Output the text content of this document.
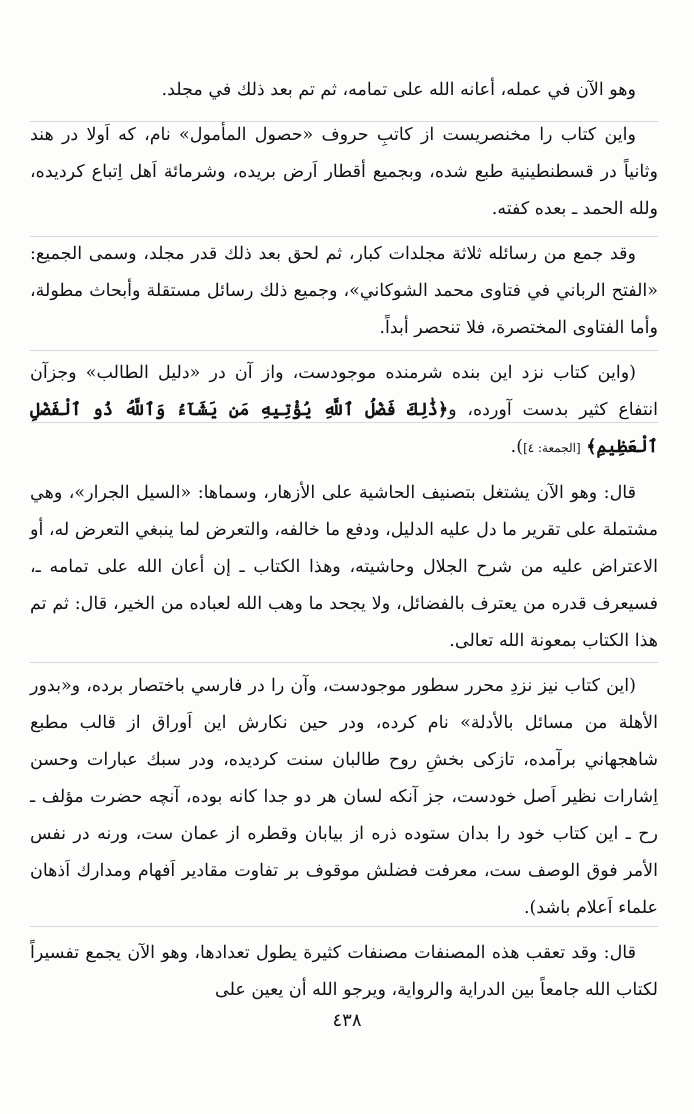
وهو الآن في عمله، أعانه الله على تمامه، ثم تم بعد ذلك في مجلد.

واين كتاب را مخنصريست از كاتبِ حروف «حصول المأمول» نام، كه اَولا در هند وثانياً در قسطنطينية طبع شده، وبجميع أقطار اَرض بريده، وشرمائة اَهل اِتباع كرديده، ولله الحمد ـ بعده كفته.

وقد جمع من رسائله ثلاثة مجلدات كبار، ثم لحق بعد ذلك قدر مجلد، وسمى الجميع: «الفتح الرباني في فتاوى محمد الشوكاني»، وجميع ذلك رسائل مستقلة وأبحاث مطولة، وأما الفتاوى المختصرة، فلا تنحصر أبداً.

(واين كتاب نزد اين بنده شرمنده موجودست، واز آن در «دليل الطالب» وجزآن انتفاع كثير بدست آورده، و﴿ذَٰلِكَ فَضْلُ ٱللَّهِ يُؤْتِيهِ مَن يَشَآءُ وَٱللَّهُ ذُو ٱلْفَضْلِ ٱلْعَظِيمِ﴾ [الجمعة: ٤]).

قال: وهو الآن يشتغل بتصنيف الحاشية على الأزهار، وسماها: «السيل الجرار»، وهي مشتملة على تقرير ما دل عليه الدليل، ودفع ما خالفه، والتعرض لما ينبغي التعرض له، أو الاعتراض عليه من شرح الجلال وحاشيته، وهذا الكتاب ـ إن أعان الله على تمامه ـ، فسيعرف قدره من يعترف بالفضائل، ولا يجحد ما وهب الله لعباده من الخير، قال: ثم تم هذا الكتاب بمعونة الله تعالى.

(اين كتاب نيز نزدِ محرر سطور موجودست، وآن را در فارسي باختصار برده، و«بدور الأهلة من مسائل بالأدلة» نام كرده، ودر حين نكارش اين اَوراق از قالب مطبع شاهجهاني برآمده، تازكى بخشِ روح طالبان سنت كرديده، ودر سبك عبارات وحسن اِشارات نظير اَصل خودست، جز آنكه لسان هر دو جدا كانه بوده، آنچه حضرت مؤلف ـ رح ـ اين كتاب خود را بدان ستوده ذره از بيابان وقطره از عمان ست، ورنه در نفس الأمر فوق الوصف ست، معرفت فضلش موقوف بر تفاوت مقادير اَفهام ومدارك اَذهان علماء اَعلام باشد).

قال: وقد تعقب هذه المصنفات مصنفات كثيرة يطول تعدادها، وهو الآن يجمع تفسيراً لكتاب الله جامعاً بين الدراية والرواية، ويرجو الله أن يعين على

٤٣٨
